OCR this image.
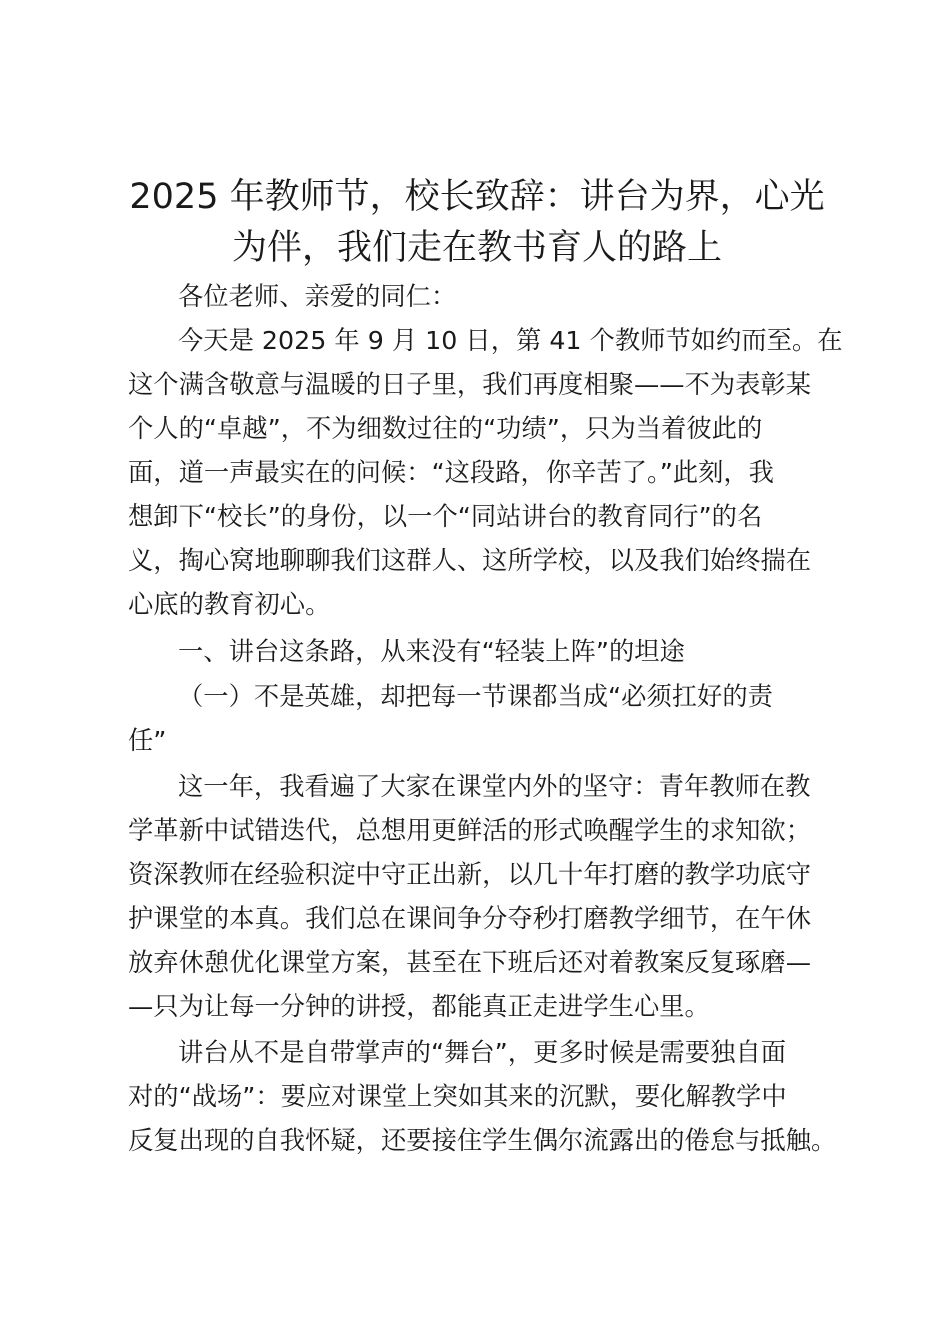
2025 年教师节，校长致辞：讲台为界，心光
为伴，我们走在教书育人的路上
各位老师、亲爱的同仁：
今天是 2025 年 9 月 10 日，第 41 个教师节如约而至。在
这个满含敬意与温暖的日子里，我们再度相聚——不为表彰某
个人的“卓越”，不为细数过往的“功绩”，只为当着彼此的
面，道一声最实在的问候：“这段路，你辛苦了。”此刻，我
想卸下“校长”的身份，以一个“同站讲台的教育同行”的名
义，掏心窝地聊聊我们这群人、这所学校，以及我们始终揣在
心底的教育初心。
一、讲台这条路，从来没有“轻装上阵”的坦途
（一）不是英雄，却把每一节课都当成“必须扛好的责
任”
这一年，我看遍了大家在课堂内外的坚守：青年教师在教
学革新中试错迭代，总想用更鲜活的形式唤醒学生的求知欲；
资深教师在经验积淀中守正出新，以几十年打磨的教学功底守
护课堂的本真。我们总在课间争分夺秒打磨教学细节，在午休
放弃休憩优化课堂方案，甚至在下班后还对着教案反复琢磨—
—只为让每一分钟的讲授，都能真正走进学生心里。
讲台从不是自带掌声的“舞台”，更多时候是需要独自面
对的“战场”：要应对课堂上突如其来的沉默，要化解教学中
反复出现的自我怀疑，还要接住学生偶尔流露出的倦怠与抵触。
